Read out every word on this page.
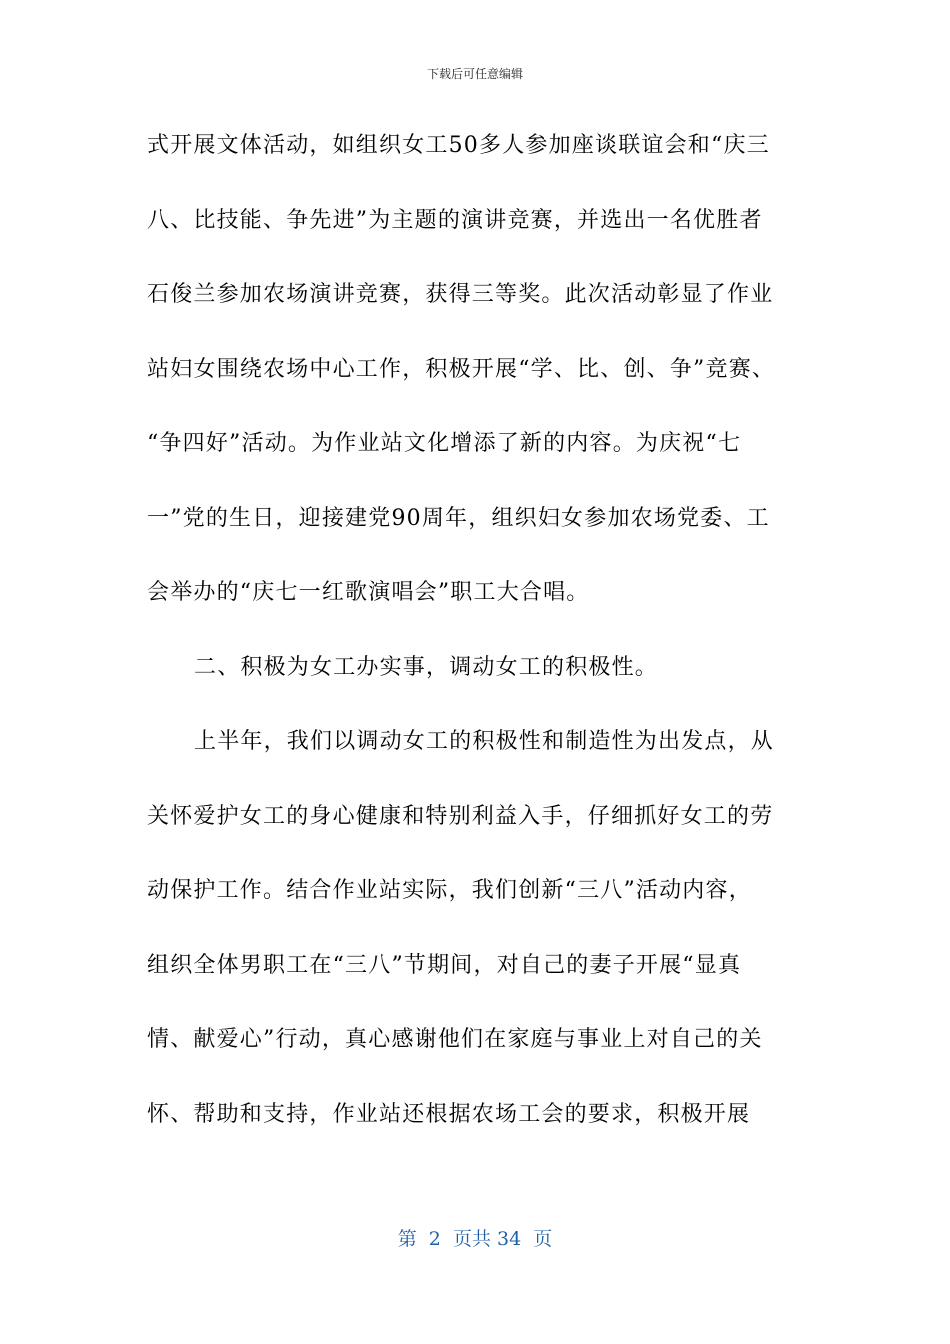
下载后可任意编辑
式开展文体活动，如组织女工50多人参加座谈联谊会和“庆三
八、比技能、争先进”为主题的演讲竞赛，并选出一名优胜者
石俊兰参加农场演讲竞赛，获得三等奖。此次活动彰显了作业
站妇女围绕农场中心工作，积极开展“学、比、创、争”竞赛、
“争四好”活动。为作业站文化增添了新的内容。为庆祝“七
一”党的生日，迎接建党90周年，组织妇女参加农场党委、工
会举办的“庆七一红歌演唱会”职工大合唱。
二、积极为女工办实事，调动女工的积极性。
上半年，我们以调动女工的积极性和制造性为出发点，从
关怀爱护女工的身心健康和特别利益入手，仔细抓好女工的劳
动保护工作。结合作业站实际，我们创新“三八”活动内容，
组织全体男职工在“三八”节期间，对自己的妻子开展“显真
情、献爱心”行动，真心感谢他们在家庭与事业上对自己的关
怀、帮助和支持，作业站还根据农场工会的要求，积极开展
第  2  页共 34  页
